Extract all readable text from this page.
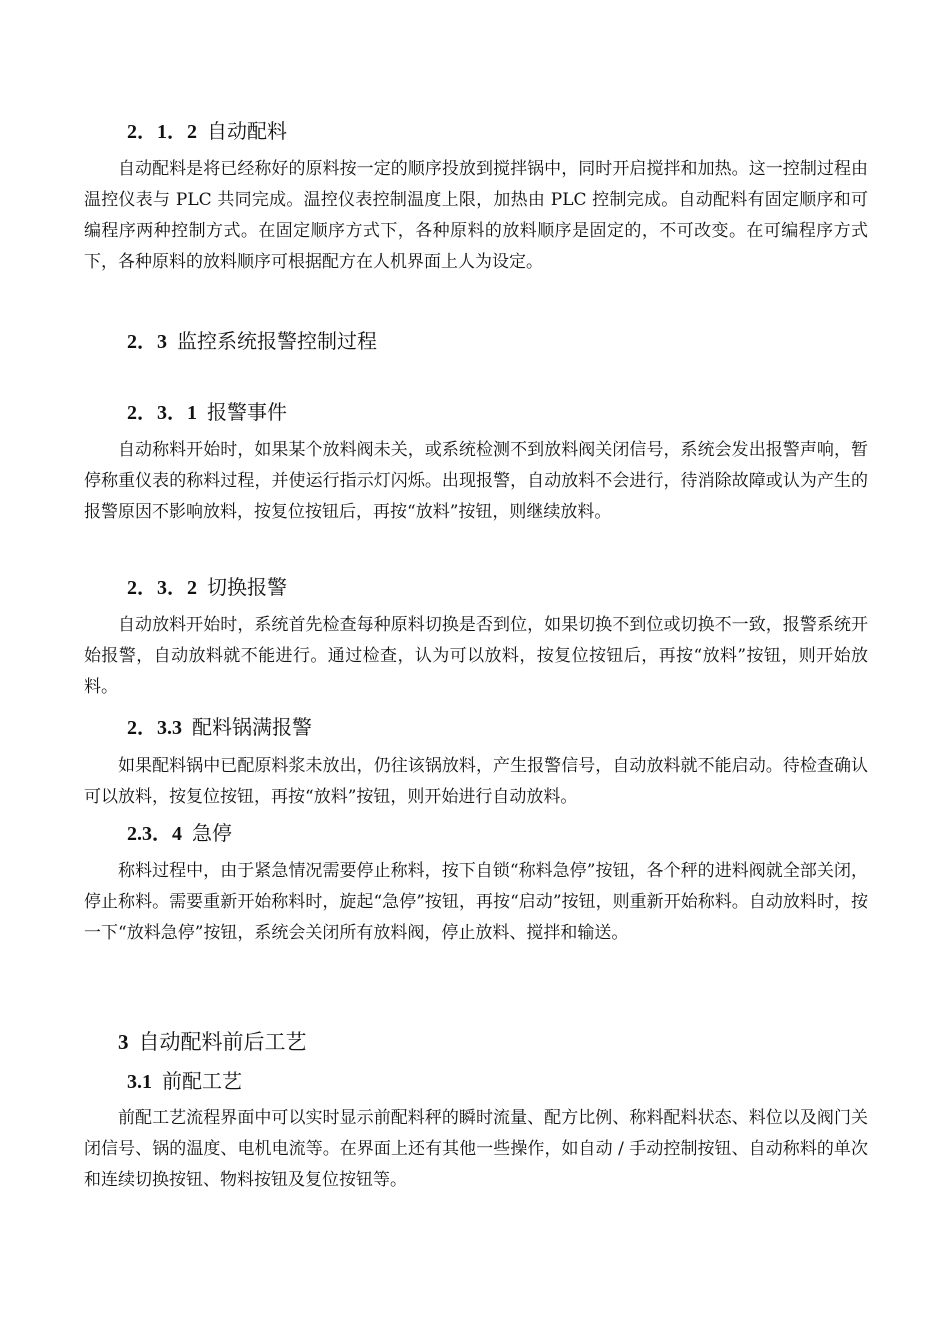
2．1．2 自动配料

自动配料是将已经称好的原料按一定的顺序投放到搅拌锅中，同时开启搅拌和加热。这一控制过程由温控仪表与 PLC 共同完成。温控仪表控制温度上限，加热由 PLC 控制完成。自动配料有固定顺序和可编程序两种控制方式。在固定顺序方式下，各种原料的放料顺序是固定的，不可改变。在可编程序方式下，各种原料的放料顺序可根据配方在人机界面上人为设定。

2．3 监控系统报警控制过程
2．3．1 报警事件

自动称料开始时，如果某个放料阀未关，或系统检测不到放料阀关闭信号，系统会发出报警声响，暂停称重仪表的称料过程，并使运行指示灯闪烁。出现报警，自动放料不会进行，待消除故障或认为产生的报警原因不影响放料，按复位按钮后，再按“放料”按钮，则继续放料。

2．3．2 切换报警

自动放料开始时，系统首先检查每种原料切换是否到位，如果切换不到位或切换不一致，报警系统开始报警，自动放料就不能进行。通过检查，认为可以放料，按复位按钮后，再按“放料”按钮，则开始放料。

2．3.3 配料锅满报警

如果配料锅中已配原料浆未放出，仍往该锅放料，产生报警信号，自动放料就不能启动。待检查确认可以放料，按复位按钮，再按“放料”按钮，则开始进行自动放料。

2.3．4 急停

称料过程中，由于紧急情况需要停止称料，按下自锁“称料急停”按钮，各个秤的进料阀就全部关闭，停止称料。需要重新开始称料时，旋起“急停”按钮，再按“启动”按钮，则重新开始称料。自动放料时，按一下“放料急停”按钮，系统会关闭所有放料阀，停止放料、搅拌和输送。

3 自动配料前后工艺
3.1 前配工艺

前配工艺流程界面中可以实时显示前配料秤的瞬时流量、配方比例、称料配料状态、料位以及阀门关闭信号、锅的温度、电机电流等。在界面上还有其他一些操作，如自动 / 手动控制按钮、自动称料的单次和连续切换按钮、物料按钮及复位按钮等。
